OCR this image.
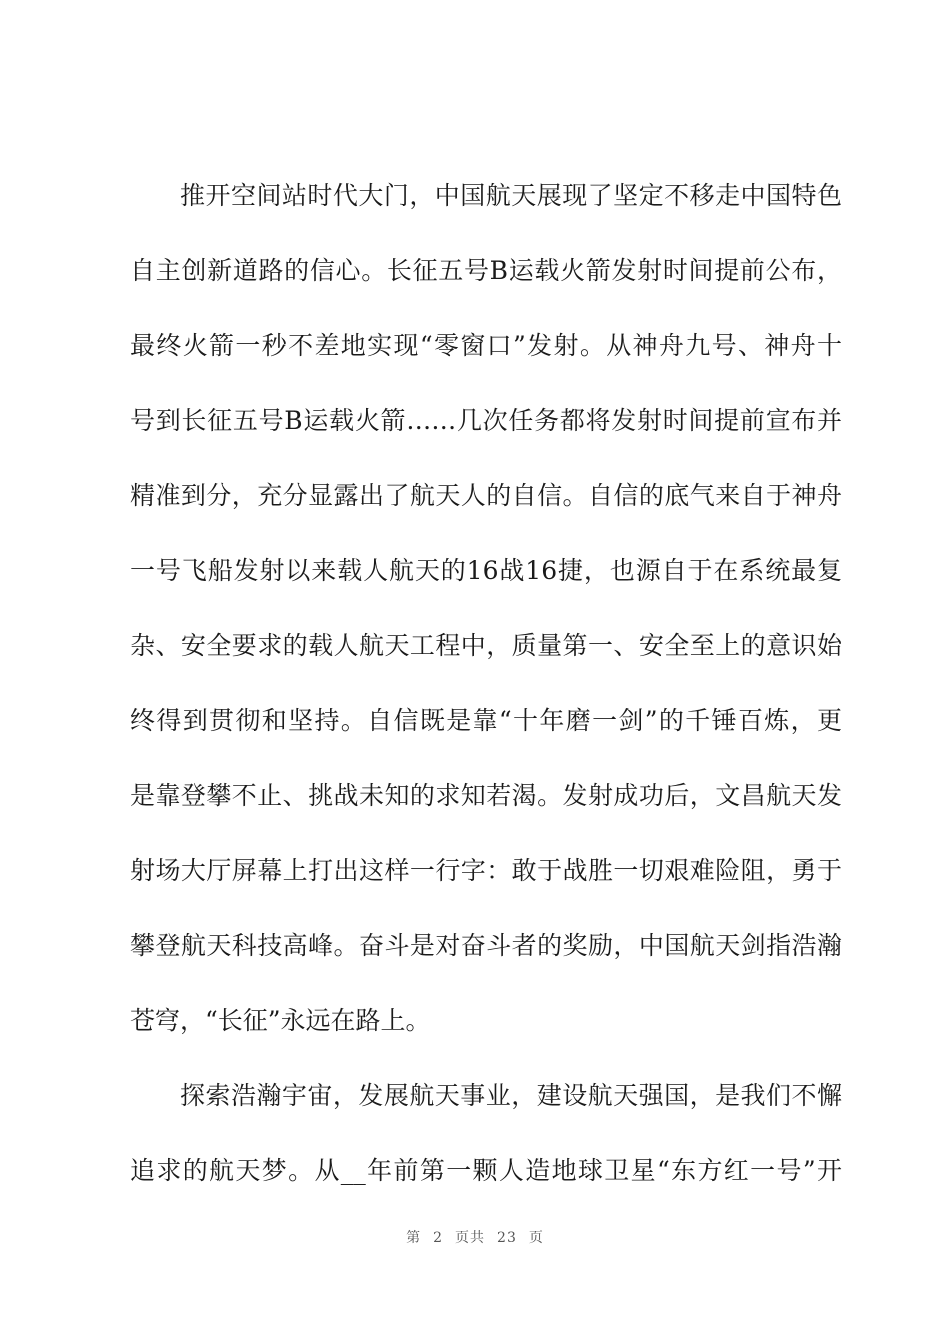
推开空间站时代大门，中国航天展现了坚定不移走中国特色
自主创新道路的信心。长征五号B运载火箭发射时间提前公布，
最终火箭一秒不差地实现“零窗口”发射。从神舟九号、神舟十
号到长征五号B运载火箭……几次任务都将发射时间提前宣布并
精准到分，充分显露出了航天人的自信。自信的底气来自于神舟
一号飞船发射以来载人航天的16战16捷，也源自于在系统最复
杂、安全要求的载人航天工程中，质量第一、安全至上的意识始
终得到贯彻和坚持。自信既是靠“十年磨一剑”的千锤百炼，更
是靠登攀不止、挑战未知的求知若渴。发射成功后，文昌航天发
射场大厅屏幕上打出这样一行字：敢于战胜一切艰难险阻，勇于
攀登航天科技高峰。奋斗是对奋斗者的奖励，中国航天剑指浩瀚
苍穹，“长征”永远在路上。
探索浩瀚宇宙，发展航天事业，建设航天强国，是我们不懈
追求的航天梦。从__年前第一颗人造地球卫星“东方红一号”开
第 2 页共 23 页
